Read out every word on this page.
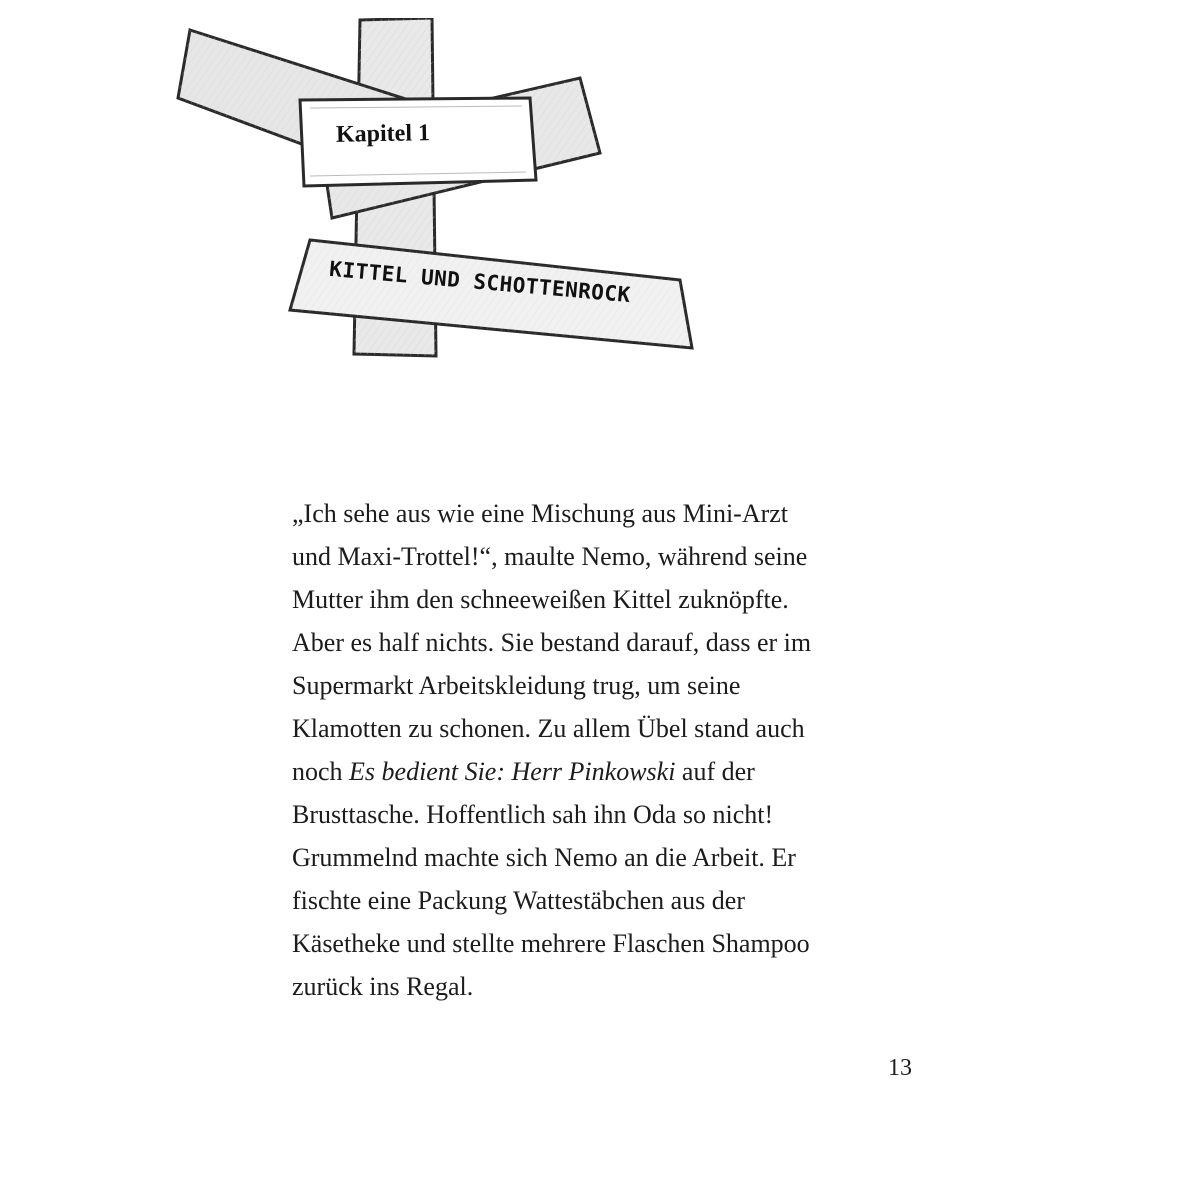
Kapitel 1
KITTEL UND SCHOTTENROCK
„Ich sehe aus wie eine Mischung aus Mini-Arzt
und Maxi-Trottel!“, maulte Nemo, während seine
Mutter ihm den schneeweißen Kittel zuknöpfte.
Aber es half nichts. Sie bestand darauf, dass er im
Supermarkt Arbeitskleidung trug, um seine
Klamotten zu schonen. Zu allem Übel stand auch
noch Es bedient Sie: Herr Pinkowski auf der
Brusttasche. Hoffentlich sah ihn Oda so nicht!
Grummelnd machte sich Nemo an die Arbeit. Er
fischte eine Packung Wattestäbchen aus der
Käsetheke und stellte mehrere Flaschen Shampoo
zurück ins Regal.
13
